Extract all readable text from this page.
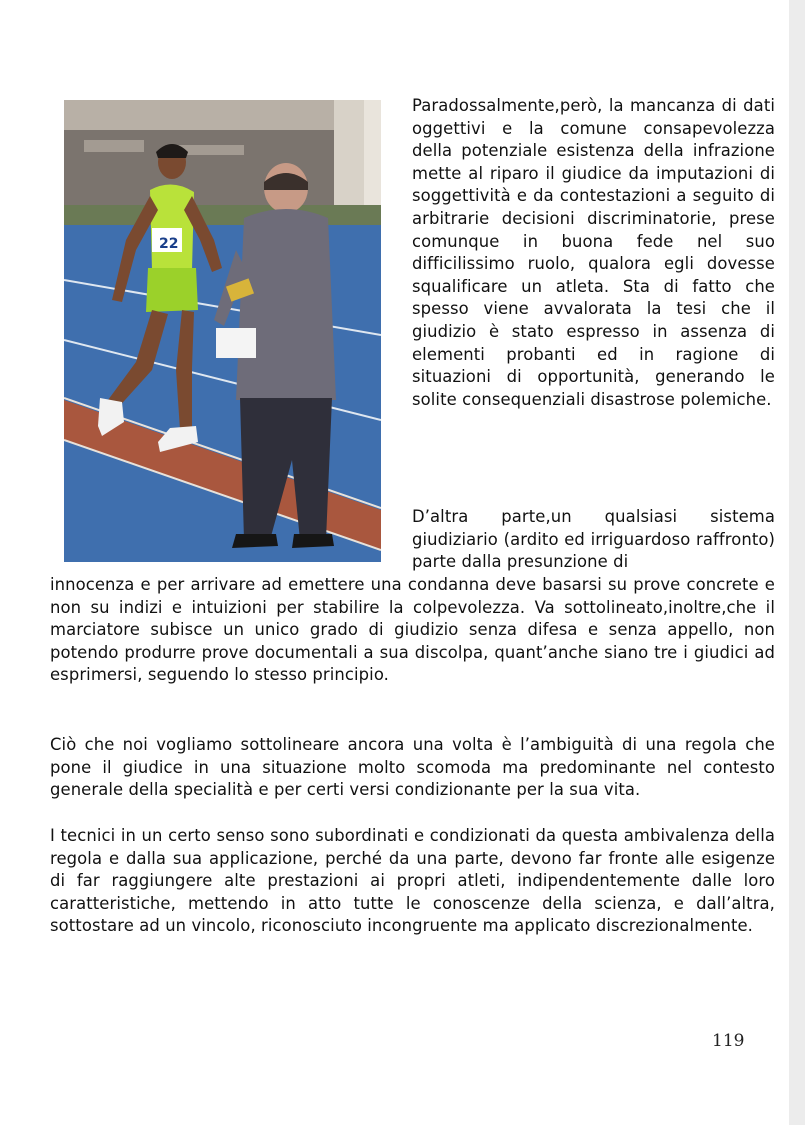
22

Paradossalmente,però, la mancanza di dati oggettivi e la comune consapevolezza della potenziale esistenza della infrazione mette al riparo il giudice da imputazioni di soggettività e da contestazioni a seguito di arbitrarie decisioni discriminatorie, prese comunque in buona fede nel suo difficilissimo ruolo, qualora egli dovesse squalificare un atleta. Sta di fatto che spesso viene avvalorata la tesi che il giudizio è stato espresso in assenza di elementi probanti ed in ragione di situazioni di opportunità, generando le solite consequenziali disastrose polemiche.

D’altra parte,un qualsiasi sistema giudiziario (ardito ed irriguardoso raffronto) parte dalla presunzione di

innocenza e per arrivare ad emettere una condanna deve basarsi su prove concrete e non su indizi e intuizioni per stabilire la colpevolezza. Va sottolineato,inoltre,che il marciatore subisce un unico grado di giudizio senza difesa e senza appello, non potendo produrre prove documentali a sua discolpa, quant’anche siano tre i giudici ad esprimersi, seguendo lo stesso principio.

Ciò che noi vogliamo sottolineare ancora una volta è l’ambiguità di una regola che pone il giudice in una situazione molto scomoda ma predominante nel contesto generale della specialità e per certi versi condizionante per la sua vita.

I tecnici in un certo senso sono subordinati e condizionati da questa ambivalenza della regola e dalla sua applicazione, perché da una parte, devono far fronte alle esigenze di far raggiungere alte prestazioni ai propri atleti, indipendentemente dalle loro caratteristiche, mettendo in atto tutte le conoscenze della scienza, e dall’altra, sottostare ad un vincolo, riconosciuto incongruente ma applicato discrezionalmente.

119
